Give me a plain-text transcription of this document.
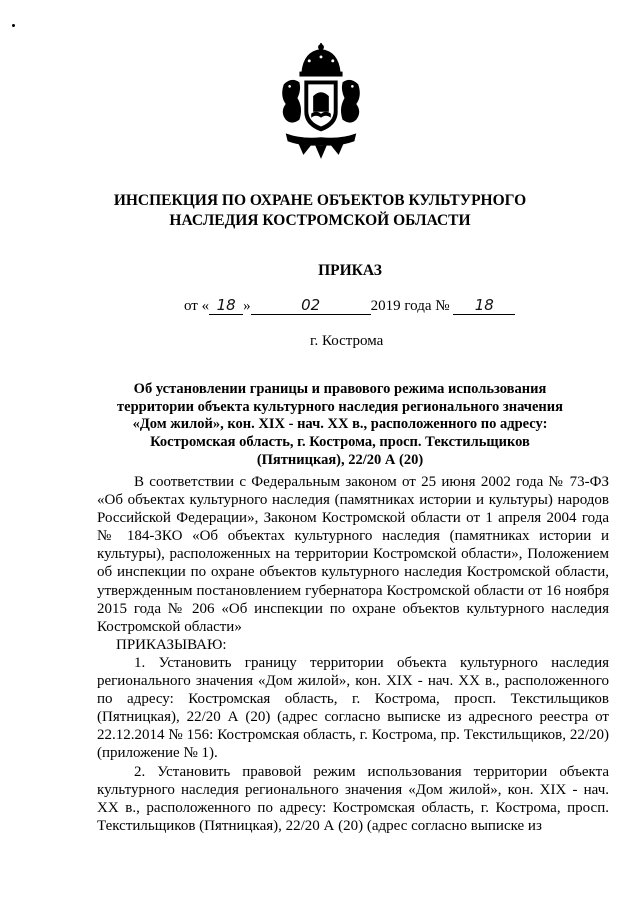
ИНСПЕКЦИЯ ПО ОХРАНЕ ОБЪЕКТОВ КУЛЬТУРНОГО
НАСЛЕДИЯ КОСТРОМСКОЙ ОБЛАСТИ
ПРИКАЗ
от « 18 »	02	2019 года № 18
г. Кострома
Об установлении границы и правового режима использования
территории объекта культурного наследия регионального значения
«Дом жилой», кон. XIX - нач. XX в., расположенного по адресу:
Костромская область, г. Кострома, просп. Текстильщиков
(Пятницкая), 22/20 А (20)

В соответствии с Федеральным законом от 25 июня 2002 года № 73-ФЗ «Об объектах культурного наследия (памятниках истории и культуры) народов Российской Федерации», Законом Костромской области от 1 апреля 2004 года № 184-ЗКО «Об объектах культурного наследия (памятниках истории и культуры), расположенных на территории Костромской области», Положением об инспекции по охране объектов культурного наследия Костромской области, утвержденным постановлением губернатора Костромской области от 16 ноября 2015 года № 206 «Об инспекции по охране объектов культурного наследия Костромской области»

ПРИКАЗЫВАЮ:

1. Установить границу территории объекта культурного наследия регионального значения «Дом жилой», кон. XIX - нач. XX в., расположенного по адресу: Костромская область, г. Кострома, просп. Текстильщиков (Пятницкая), 22/20 А (20) (адрес согласно выписке из адресного реестра от 22.12.2014 № 156: Костромская область, г. Кострома, пр. Текстильщиков, 22/20) (приложение № 1).

2. Установить правовой режим использования территории объекта культурного наследия регионального значения «Дом жилой», кон. XIX - нач. XX в., расположенного по адресу: Костромская область, г. Кострома, просп. Текстильщиков (Пятницкая), 22/20 А (20) (адрес согласно выписке из
